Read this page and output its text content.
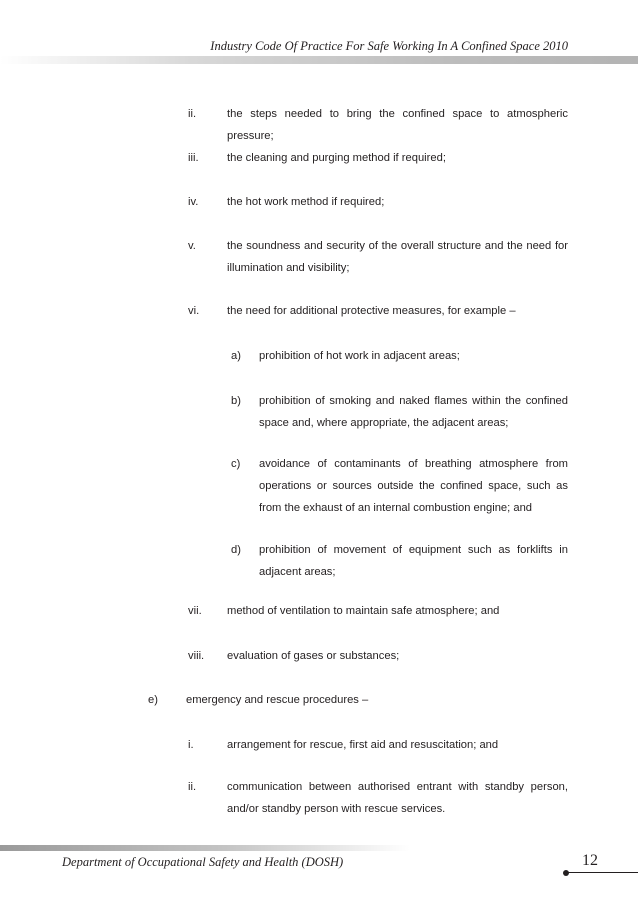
Industry Code Of Practice For Safe Working In A Confined Space 2010
ii.	the steps needed to bring the confined space to atmospheric pressure;
iii.	the cleaning and purging method if required;
iv.	the hot work method if required;
v.	the soundness and security of the overall structure and the need for illumination and visibility;
vi. the need for additional protective measures, for example –
a) prohibition of hot work in adjacent areas;
b) prohibition of smoking and naked flames within the confined space and, where appropriate, the adjacent areas;
c) avoidance of contaminants of breathing atmosphere from operations or sources outside the confined space, such as from the exhaust of an internal combustion engine; and
d) prohibition of movement of equipment such as forklifts in adjacent areas;
vii. method of ventilation to maintain safe atmosphere; and
viii. evaluation of gases or substances;
e)	emergency and rescue procedures –
i.	arrangement for rescue, first aid and resuscitation; and
ii.	communication between authorised entrant with standby person, and/or standby person with rescue services.
Department of Occupational Safety and Health (DOSH)	12
